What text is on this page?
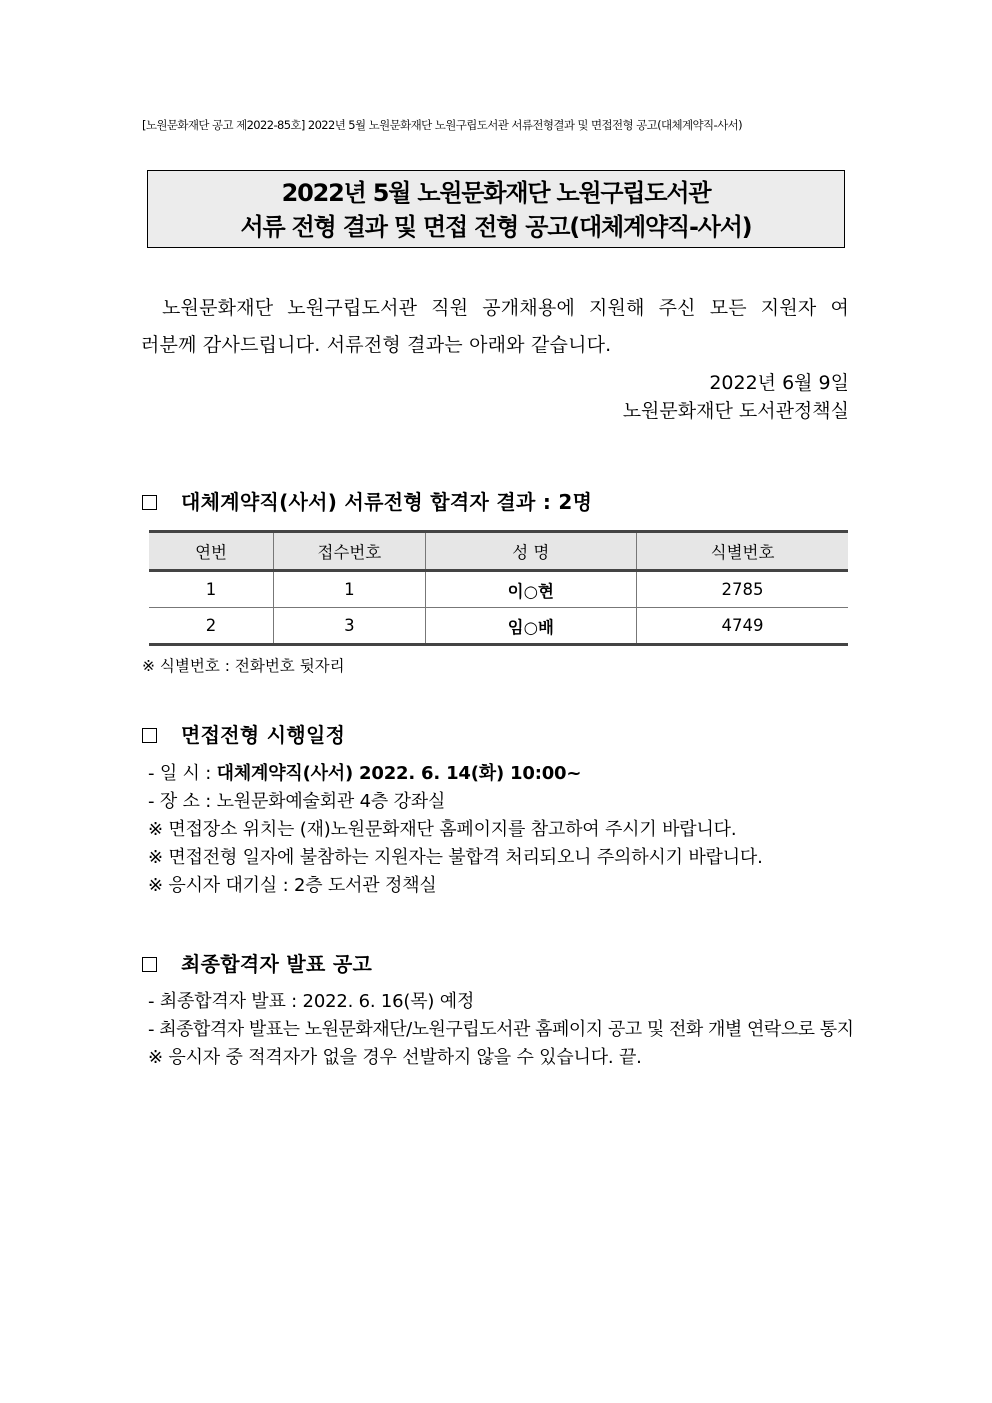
[노원문화재단 공고 제2022-85호] 2022년 5월 노원문화재단 노원구립도서관 서류전형결과 및 면접전형 공고(대체계약직-사서)
2022년 5월 노원문화재단 노원구립도서관
서류 전형 결과 및 면접 전형 공고(대체계약직-사서)
노원문화재단 노원구립도서관 직원 공개채용에 지원해 주신 모든 지원자 여
러분께 감사드립니다. 서류전형 결과는 아래와 같습니다.
2022년 6월 9일
노원문화재단 도서관정책실
대체계약직(사서) 서류전형 합격자 결과 : 2명
연번	접수번호	성 명	식별번호
1	1	이○현	2785
2	3	임○배	4749
※ 식별번호 : 전화번호 뒷자리
면접전형 시행일정
- 일 시 : 대체계약직(사서) 2022. 6. 14(화) 10:00~
- 장 소 : 노원문화예술회관 4층 강좌실
※ 면접장소 위치는 (재)노원문화재단 홈페이지를 참고하여 주시기 바랍니다.
※ 면접전형 일자에 불참하는 지원자는 불합격 처리되오니 주의하시기 바랍니다.
※ 응시자 대기실 : 2층 도서관 정책실
최종합격자 발표 공고
- 최종합격자 발표 : 2022. 6. 16(목) 예정
- 최종합격자 발표는 노원문화재단/노원구립도서관 홈페이지 공고 및 전화 개별 연락으로 통지
※ 응시자 중 적격자가 없을 경우 선발하지 않을 수 있습니다. 끝.
